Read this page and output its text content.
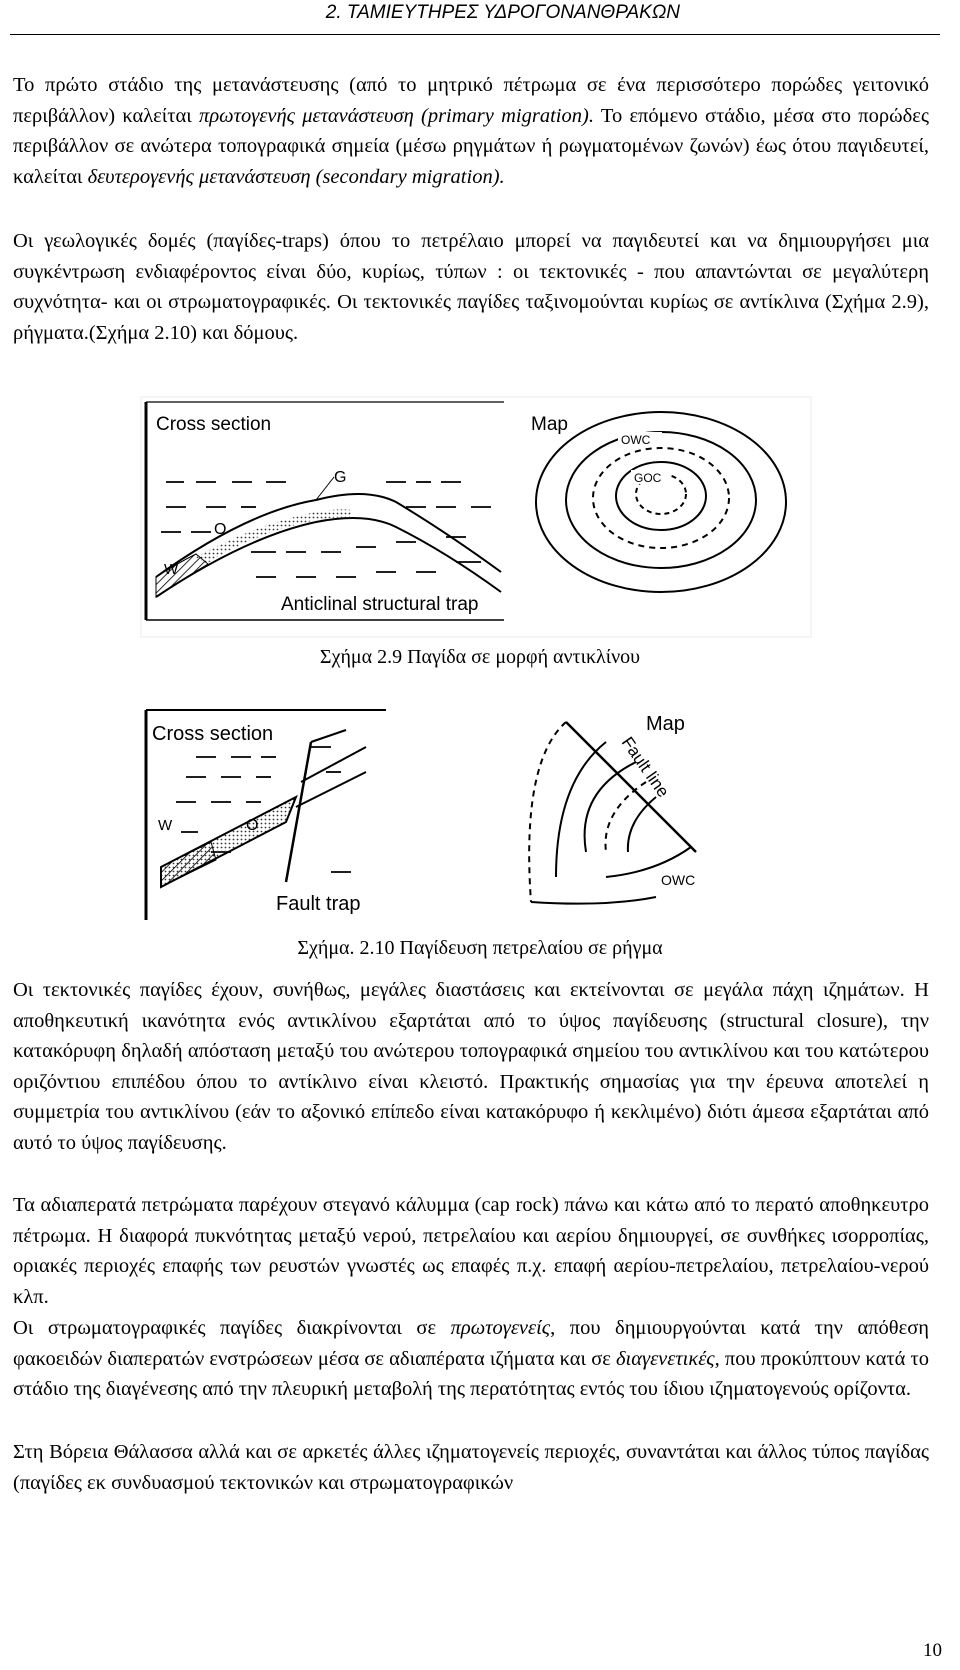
2. ΤΑΜΙΕΥΤΗΡΕΣ ΥΔΡΟΓΟΝΑΝΘΡΑΚΩΝ
Το πρώτο στάδιο της μετανάστευσης (από το μητρικό πέτρωμα σε ένα περισσότερο πορώδες γειτονικό περιβάλλον) καλείται πρωτογενής μετανάστευση (primary migration). Το επόμενο στάδιο, μέσα στο πορώδες περιβάλλον σε ανώτερα τοπογραφικά σημεία (μέσω ρηγμάτων ή ρωγματομένων ζωνών) έως ότου παγιδευτεί, καλείται δευτερογενής μετανάστευση (secondary migration).
Οι γεωλογικές δομές (παγίδες-traps) όπου το πετρέλαιο μπορεί να παγιδευτεί και να δημιουργήσει μια συγκέντρωση ενδιαφέροντος είναι δύο, κυρίως, τύπων : οι τεκτονικές - που απαντώνται σε μεγαλύτερη συχνότητα- και οι στρωματογραφικές. Οι τεκτονικές παγίδες ταξινομούνται κυρίως σε αντίκλινα (Σχήμα 2.9), ρήγματα.(Σχήμα 2.10) και δόμους.
Cross section
G
O
W
Anticlinal structural trap
Map
OWC
GOC
Σχήμα 2.9 Παγίδα σε μορφή αντικλίνου
Cross section
O
W
Fault trap
Map
Fault line
OWC
Σχήμα. 2.10 Παγίδευση πετρελαίου σε ρήγμα
Οι τεκτονικές παγίδες έχουν, συνήθως, μεγάλες διαστάσεις και εκτείνονται σε μεγάλα πάχη ιζημάτων. Η αποθηκευτική ικανότητα ενός αντικλίνου εξαρτάται από το ύψος παγίδευσης (structural closure), την κατακόρυφη δηλαδή απόσταση μεταξύ του ανώτερου τοπογραφικά σημείου του αντικλίνου και του κατώτερου οριζόντιου επιπέδου όπου το αντίκλινο είναι κλειστό. Πρακτικής σημασίας για την έρευνα αποτελεί η συμμετρία του αντικλίνου (εάν το αξονικό επίπεδο είναι κατακόρυφο ή κεκλιμένο) διότι άμεσα εξαρτάται από αυτό το ύψος παγίδευσης.
Τα αδιαπερατά πετρώματα παρέχουν στεγανό κάλυμμα (cap rock) πάνω και κάτω από το περατό αποθηκευτρο πέτρωμα. Η διαφορά πυκνότητας μεταξύ νερού, πετρελαίου και αερίου δημιουργεί, σε συνθήκες ισορροπίας, οριακές περιοχές επαφής των ρευστών γνωστές ως επαφές π.χ. επαφή αερίου-πετρελαίου, πετρελαίου-νερού κλπ.
Οι στρωματογραφικές παγίδες διακρίνονται σε πρωτογενείς, που δημιουργούνται κατά την απόθεση φακοειδών διαπερατών ενστρώσεων μέσα σε αδιαπέρατα ιζήματα και σε διαγενετικές, που προκύπτουν κατά το στάδιο της διαγένεσης από την πλευρική μεταβολή της περατότητας εντός του ίδιου ιζηματογενούς ορίζοντα.
Στη Βόρεια Θάλασσα αλλά και σε αρκετές άλλες ιζηματογενείς περιοχές, συναντάται και άλλος τύπος παγίδας (παγίδες εκ συνδυασμού τεκτονικών και στρωματογραφικών
10
